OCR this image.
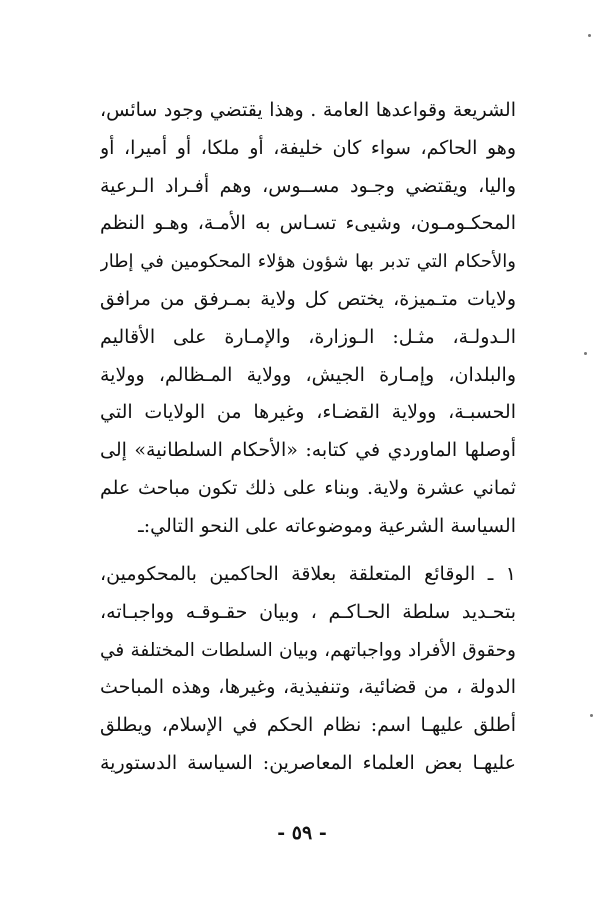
الشريعة وقواعدها العامة . وهذا يقتضي وجود سائس،
وهو الحاكم، سواء كان خليفة، أو ملكا، أو أميرا، أو
واليا، ويقتضي وجـود مســوس، وهم أفـراد الـرعية
المحكـومـون، وشيىء تسـاس به الأمـة، وهـو النظم
والأحكام التي تدبر بها شؤون هؤلاء المحكومين في إطار
ولايات متـميزة، يختص كل ولاية بمـرفق من مرافق
الـدولـة، مثـل: الـوزارة، والإمـارة على الأقاليم
والبلدان، وإمـارة الجيش، وولاية المـظالم، وولاية
الحسبـة، وولاية القضـاء، وغيرها من الولايات التي
أوصلها الماوردي في كتابه: «الأحكام السلطانية» إلى
ثماني عشرة ولاية. وبناء على ذلك تكون مباحث علم
السياسة الشرعية وموضوعاته على النحو التالي:ـ
١ ـ الوقائع المتعلقة بعلاقة الحاكمين بالمحكومين،
بتحـديد سلطة الحـاكـم ، وبيان حقـوقـه وواجبـاته،
وحقوق الأفراد وواجباتهم، وبيان السلطات المختلفة في
الدولة ، من قضائية، وتنفيذية، وغيرها، وهذه المباحث
أطلق عليهـا اسم: نظام الحكم في الإسلام، ويطلق
عليهـا بعض العلماء المعاصرين: السياسة الدستورية
- ٥٩ -
